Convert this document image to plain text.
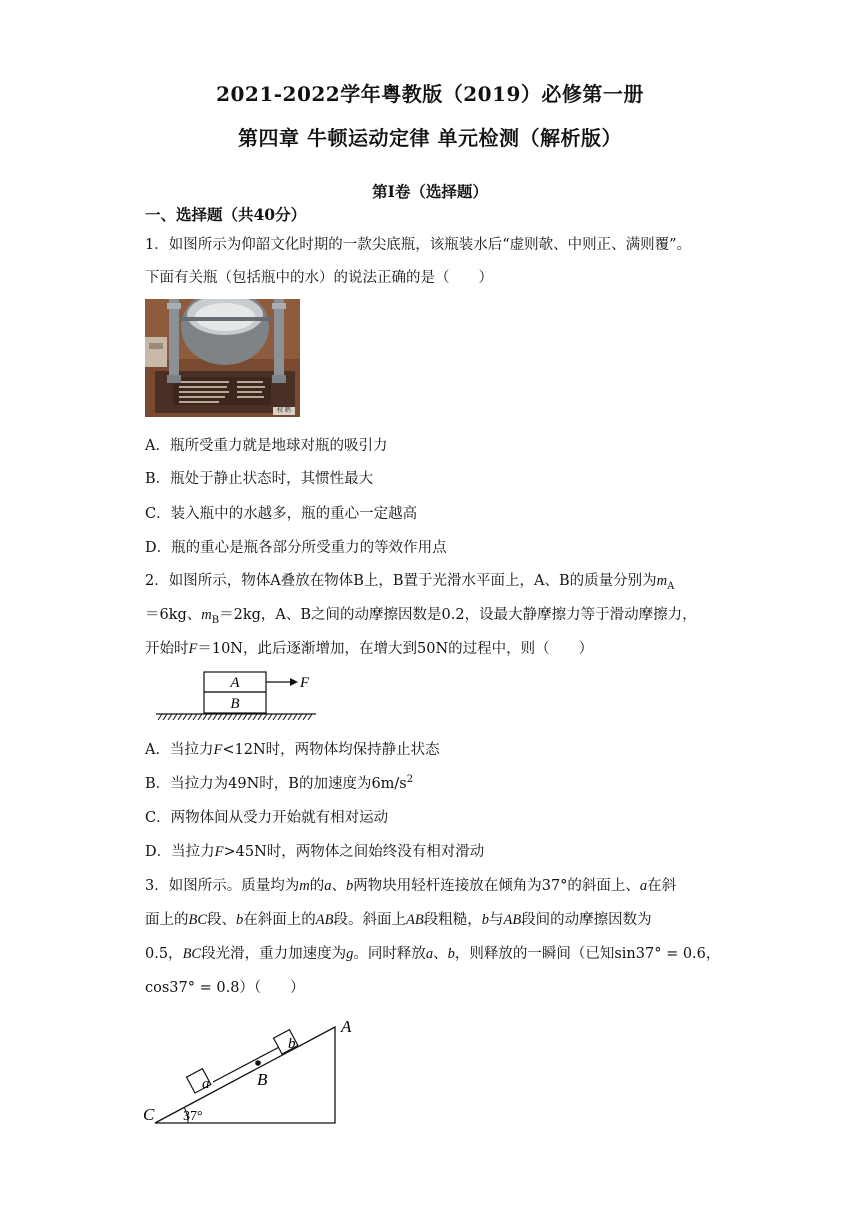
2021-2022学年粤教版（2019）必修第一册
第四章 牛顿运动定律 单元检测（解析版）
第Ⅰ卷（选择题）
一、选择题（共40分）
1．如图所示为仰韶文化时期的一款尖底瓶，该瓶装水后“虚则欹、中则正、满则覆”。
下面有关瓶（包括瓶中的水）的说法正确的是（　　）
权 鹤
A．瓶所受重力就是地球对瓶的吸引力
B．瓶处于静止状态时，其惯性最大
C．装入瓶中的水越多，瓶的重心一定越高
D．瓶的重心是瓶各部分所受重力的等效作用点
2．如图所示，物体A叠放在物体B上，B置于光滑水平面上，A、B的质量分别为$m_A$
＝6kg、$m_B=2kg$，A、B之间的动摩擦因数是0.2，设最大静摩擦力等于滑动摩擦力，
开始时F＝10N，此后逐渐增加，在增大到50N的过程中，则（　　）
A
B
F
A．当拉力F<12N时，两物体均保持静止状态
B．当拉力为49N时，B的加速度为$6m/s^2$
C．两物体间从受力开始就有相对运动
D．当拉力F>45N时，两物体之间始终没有相对滑动
3．如图所示。质量均为m的a、b两物块用轻杆连接放在倾角为37°的斜面上、a在斜
面上的BC段、b在斜面上的AB段。斜面上AB段粗糙，b与AB段间的动摩擦因数为
0.5，BC段光滑，重力加速度为g。同时释放a、b，则释放的一瞬间（已知sin37° = 0.6，
cos37° = 0.8）（　　）
a
b
B
A
C 37°
